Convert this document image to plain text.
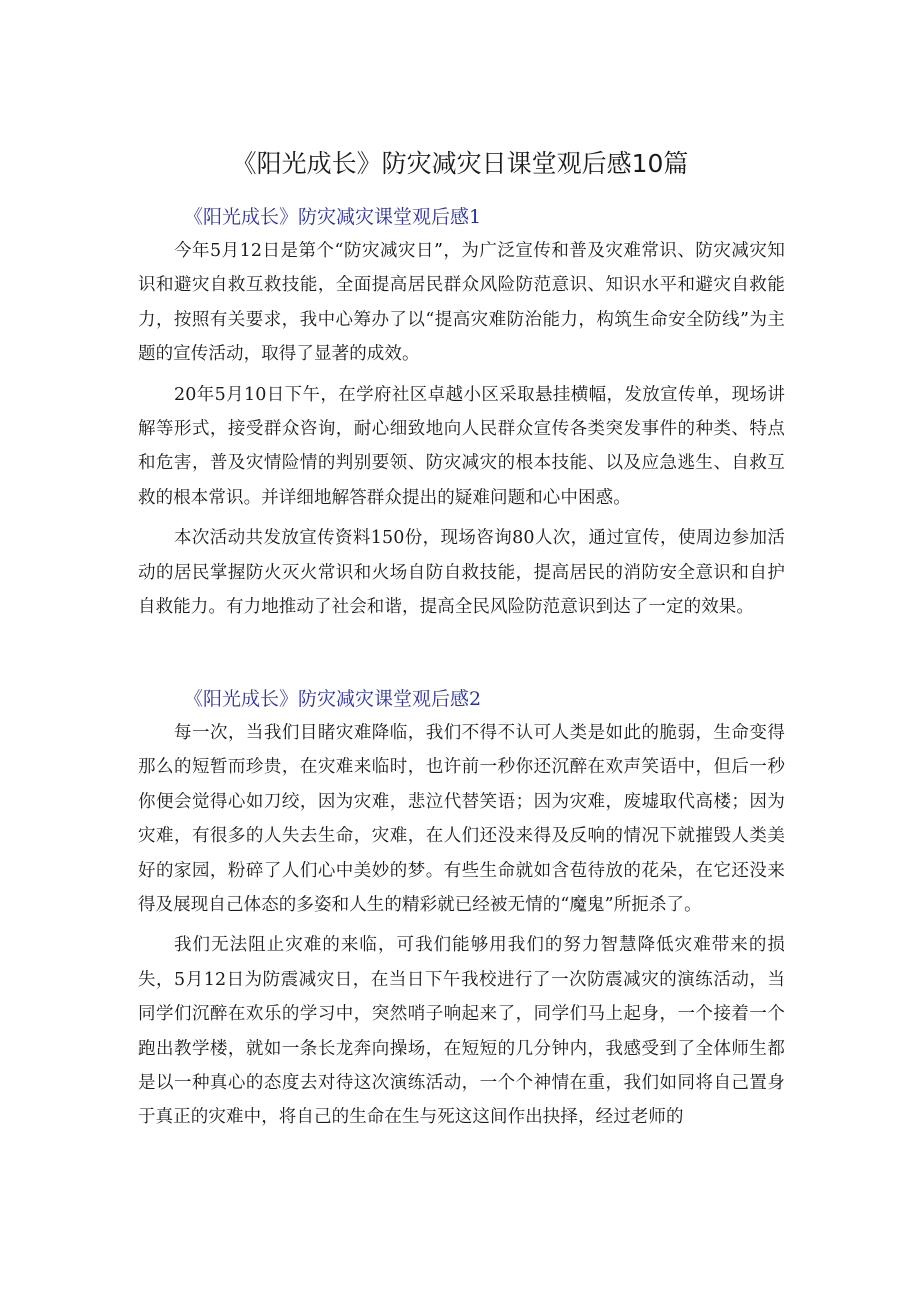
《阳光成长》防灾减灾日课堂观后感10篇
《阳光成长》防灾减灾课堂观后感1

今年5月12日是第个“防灾减灾日”，为广泛宣传和普及灾难常识、防灾减灾知识和避灾自救互救技能，全面提高居民群众风险防范意识、知识水平和避灾自救能力，按照有关要求，我中心筹办了以“提高灾难防治能力，构筑生命安全防线”为主题的宣传活动，取得了显著的成效。

20年5月10日下午，在学府社区卓越小区采取悬挂横幅，发放宣传单，现场讲解等形式，接受群众咨询，耐心细致地向人民群众宣传各类突发事件的种类、特点和危害，普及灾情险情的判别要领、防灾减灾的根本技能、以及应急逃生、自救互救的根本常识。并详细地解答群众提出的疑难问题和心中困惑。

本次活动共发放宣传资料150份，现场咨询80人次，通过宣传，使周边参加活动的居民掌握防火灭火常识和火场自防自救技能，提高居民的消防安全意识和自护自救能力。有力地推动了社会和谐，提高全民风险防范意识到达了一定的效果。

《阳光成长》防灾减灾课堂观后感2

每一次，当我们目睹灾难降临，我们不得不认可人类是如此的脆弱，生命变得那么的短暂而珍贵，在灾难来临时，也许前一秒你还沉醉在欢声笑语中，但后一秒你便会觉得心如刀绞，因为灾难，悲泣代替笑语；因为灾难，废墟取代高楼；因为灾难，有很多的人失去生命，灾难，在人们还没来得及反响的情况下就摧毁人类美好的家园，粉碎了人们心中美妙的梦。有些生命就如含苞待放的花朵，在它还没来得及展现自己体态的多姿和人生的精彩就已经被无情的“魔鬼”所扼杀了。

我们无法阻止灾难的来临，可我们能够用我们的努力智慧降低灾难带来的损失，5月12日为防震减灾日，在当日下午我校进行了一次防震减灾的演练活动，当同学们沉醉在欢乐的学习中，突然哨子响起来了，同学们马上起身，一个接着一个跑出教学楼，就如一条长龙奔向操场，在短短的几分钟内，我感受到了全体师生都是以一种真心的态度去对待这次演练活动，一个个神情在重，我们如同将自己置身于真正的灾难中，将自己的生命在生与死这这间作出抉择，经过老师的
